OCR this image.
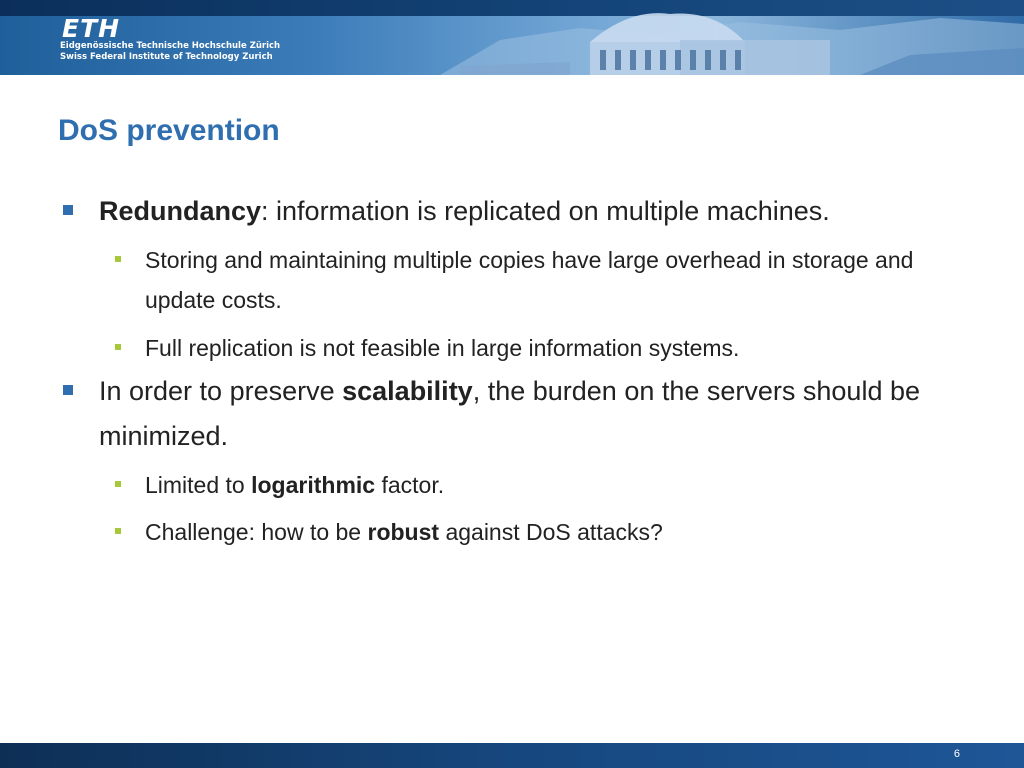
ETH
Eidgenössische Technische Hochschule Zürich
Swiss Federal Institute of Technology Zurich
DoS prevention
Redundancy: information is replicated on multiple machines.
Storing and maintaining multiple copies have large overhead in storage and update costs.
Full replication is not feasible in large information systems.
In order to preserve scalability, the burden on the servers should be minimized.
Limited to logarithmic factor.
Challenge: how to be robust against DoS attacks?
6
